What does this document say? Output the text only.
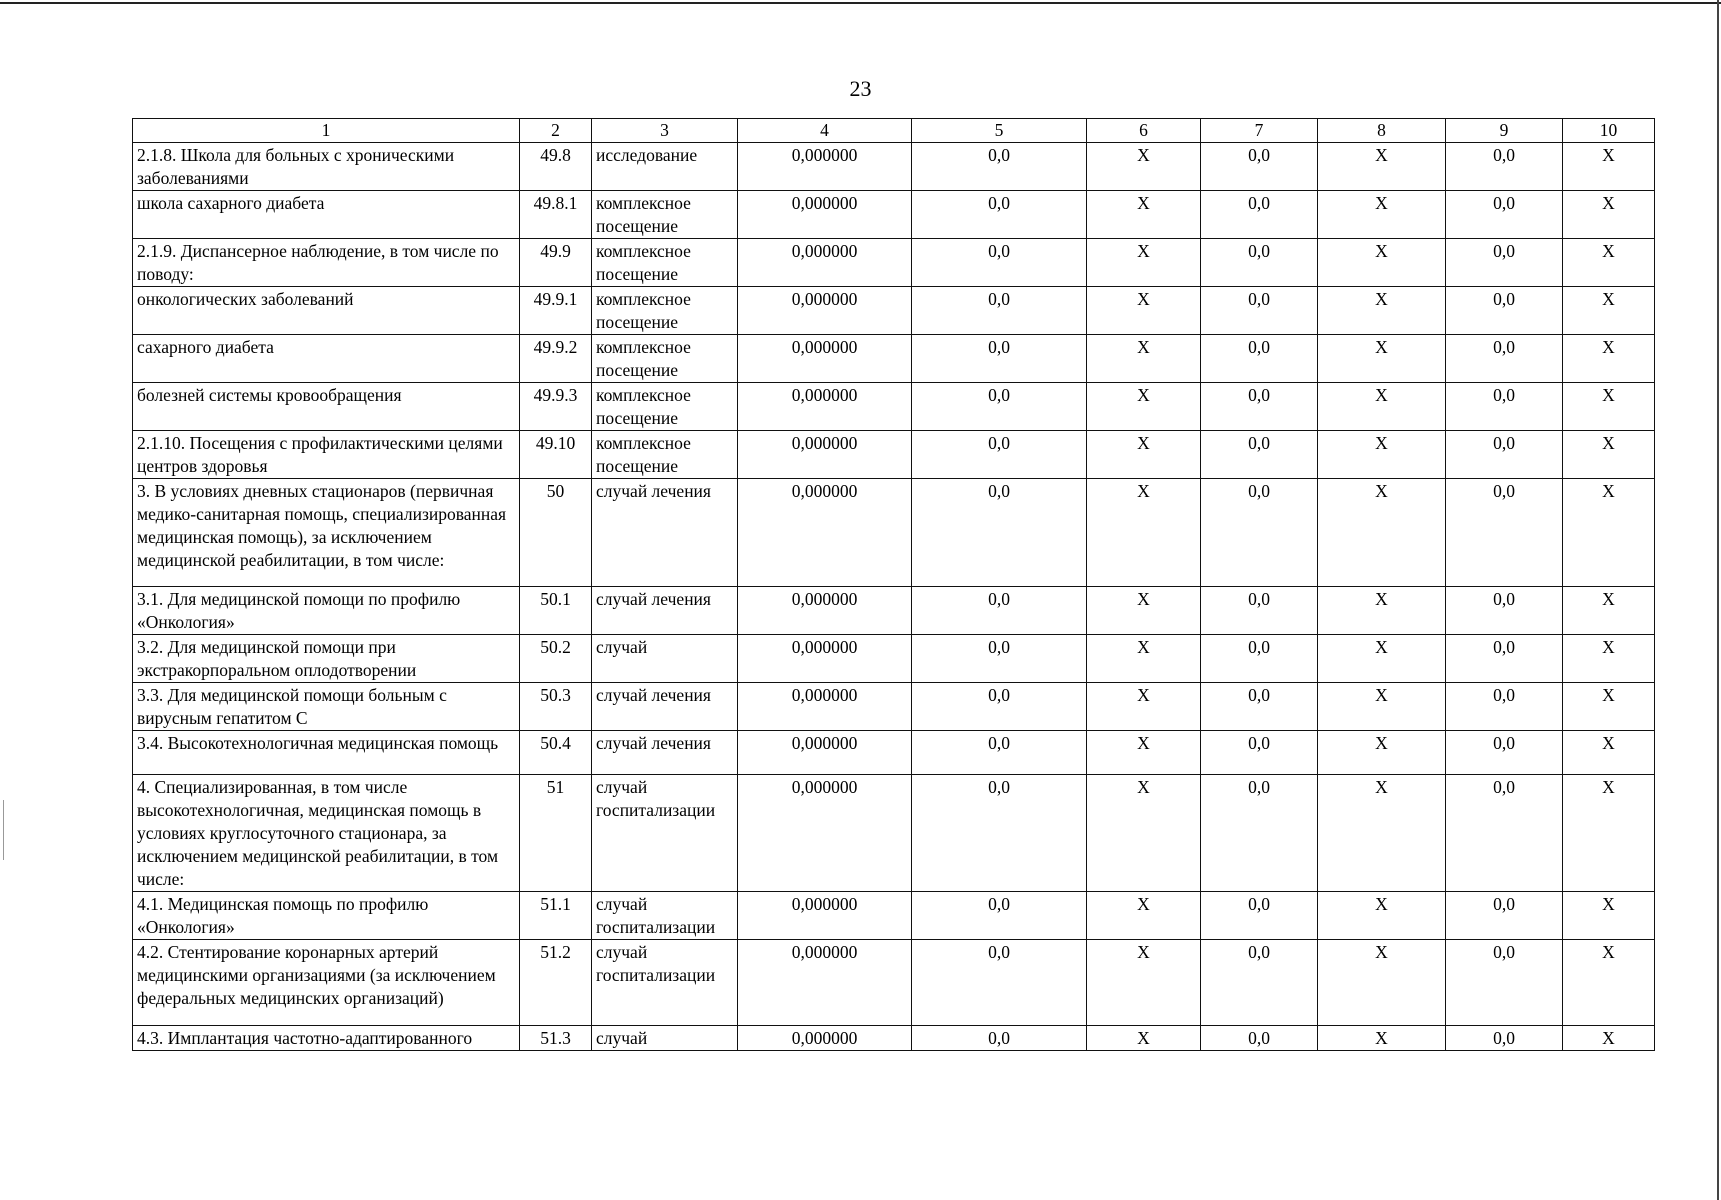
23
1	2	3	4	5	6	7	8	9	10
2.1.8. Школа для больных с хроническими заболеваниями	49.8	исследование	0,000000	0,0	X	0,0	X	0,0	X
школа сахарного диабета	49.8.1	комплексное посещение	0,000000	0,0	X	0,0	X	0,0	X
2.1.9. Диспансерное наблюдение, в том числе по поводу:	49.9	комплексное посещение	0,000000	0,0	X	0,0	X	0,0	X
онкологических заболеваний	49.9.1	комплексное посещение	0,000000	0,0	X	0,0	X	0,0	X
сахарного диабета	49.9.2	комплексное посещение	0,000000	0,0	X	0,0	X	0,0	X
болезней системы кровообращения	49.9.3	комплексное посещение	0,000000	0,0	X	0,0	X	0,0	X
2.1.10. Посещения с профилактическими целями центров здоровья	49.10	комплексное посещение	0,000000	0,0	X	0,0	X	0,0	X
3. В условиях дневных стационаров (первичная медико-санитарная помощь, специализированная медицинская помощь), за исключением медицинской реабилитации, в том числе:	50	случай лечения	0,000000	0,0	X	0,0	X	0,0	X
3.1. Для медицинской помощи по профилю «Онкология»	50.1	случай лечения	0,000000	0,0	X	0,0	X	0,0	X
3.2. Для медицинской помощи при экстракорпоральном оплодотворении	50.2	случай	0,000000	0,0	X	0,0	X	0,0	X
3.3. Для медицинской помощи больным с вирусным гепатитом С	50.3	случай лечения	0,000000	0,0	X	0,0	X	0,0	X
3.4. Высокотехнологичная медицинская помощь	50.4	случай лечения	0,000000	0,0	X	0,0	X	0,0	X
4. Специализированная, в том числе высокотехнологичная, медицинская помощь в условиях круглосуточного стационара, за исключением медицинской реабилитации, в том числе:	51	случай госпитализации	0,000000	0,0	X	0,0	X	0,0	X
4.1. Медицинская помощь по профилю «Онкология»	51.1	случай госпитализации	0,000000	0,0	X	0,0	X	0,0	X
4.2. Стентирование коронарных артерий медицинскими организациями (за исключением федеральных медицинских организаций)	51.2	случай госпитализации	0,000000	0,0	X	0,0	X	0,0	X
4.3. Имплантация частотно-адаптированного	51.3	случай	0,000000	0,0	X	0,0	X	0,0	X
